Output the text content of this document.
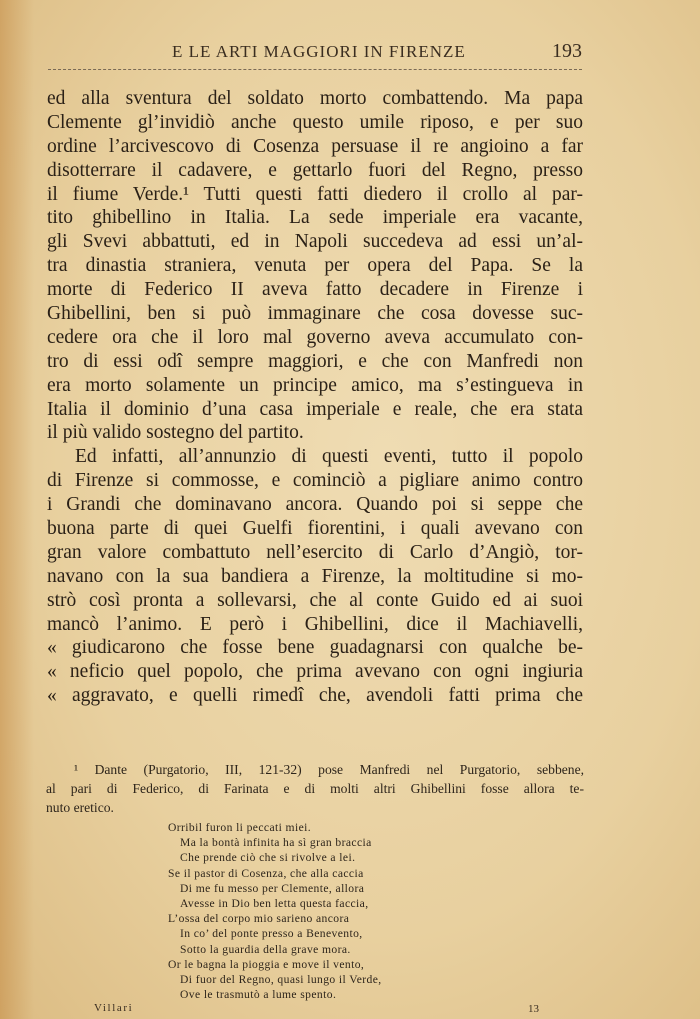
E LE ARTI MAGGIORI IN FIRENZE	193
ed alla sventura del soldato morto combattendo. Ma papa
Clemente gl’invidiò anche questo umile riposo, e per suo
ordine l’arcivescovo di Cosenza persuase il re angioino a far
disotterrare il cadavere, e gettarlo fuori del Regno, presso
il fiume Verde.¹ Tutti questi fatti diedero il crollo al par-
tito ghibellino in Italia. La sede imperiale era vacante,
gli Svevi abbattuti, ed in Napoli succedeva ad essi un’al-
tra dinastia straniera, venuta per opera del Papa. Se la
morte di Federico II aveva fatto decadere in Firenze i
Ghibellini, ben si può immaginare che cosa dovesse suc-
cedere ora che il loro mal governo aveva accumulato con-
tro di essi odî sempre maggiori, e che con Manfredi non
era morto solamente un principe amico, ma s’estingueva in
Italia il dominio d’una casa imperiale e reale, che era stata
il più valido sostegno del partito.
Ed infatti, all’annunzio di questi eventi, tutto il popolo
di Firenze si commosse, e cominciò a pigliare animo contro
i Grandi che dominavano ancora. Quando poi si seppe che
buona parte di quei Guelfi fiorentini, i quali avevano con
gran valore combattuto nell’esercito di Carlo d’Angiò, tor-
navano con la sua bandiera a Firenze, la moltitudine si mo-
strò così pronta a sollevarsi, che al conte Guido ed ai suoi
mancò l’animo. E però i Ghibellini, dice il Machiavelli,
« giudicarono che fosse bene guadagnarsi con qualche be-
« neficio quel popolo, che prima avevano con ogni ingiuria
« aggravato, e quelli rimedî che, avendoli fatti prima che
¹ Dante (Purgatorio, III, 121-32) pose Manfredi nel Purgatorio, sebbene,
al pari di Federico, di Farinata e di molti altri Ghibellini fosse allora te-
nuto eretico.
Orribil furon li peccati miei.
Ma la bontà infinita ha sì gran braccia
Che prende ciò che si rivolve a lei.
Se il pastor di Cosenza, che alla caccia
Di me fu messo per Clemente, allora
Avesse in Dio ben letta questa faccia,
L’ossa del corpo mio sarieno ancora
In co’ del ponte presso a Benevento,
Sotto la guardia della grave mora.
Or le bagna la pioggia e move il vento,
Di fuor del Regno, quasi lungo il Verde,
Ove le trasmutò a lume spento.
Villari	13
